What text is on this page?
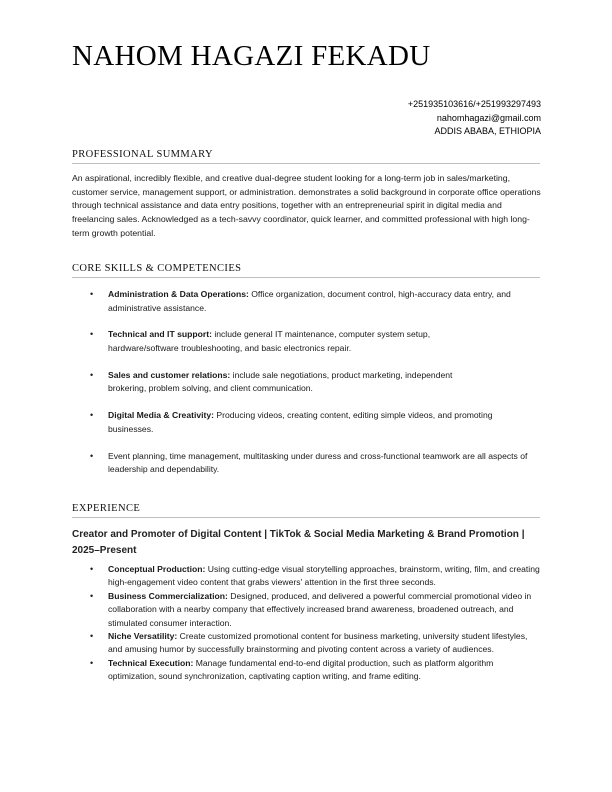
NAHOM HAGAZI FEKADU
+251935103616/+251993297493
nahomhagazi@gmail.com
ADDIS ABABA, ETHIOPIA
PROFESSIONAL SUMMARY
An aspirational, incredibly flexible, and creative dual-degree student looking for a long-term job in sales/marketing, customer service, management support, or administration. demonstrates a solid background in corporate office operations through technical assistance and data entry positions, together with an entrepreneurial spirit in digital media and freelancing sales. Acknowledged as a tech-savvy coordinator, quick learner, and committed professional with high long-term growth potential.
CORE SKILLS & COMPETENCIES
• Administration & Data Operations: Office organization, document control, high-accuracy data entry, and administrative assistance.
• Technical and IT support: include general IT maintenance, computer system setup, hardware/software troubleshooting, and basic electronics repair.
• Sales and customer relations: include sale negotiations, product marketing, independent brokering, problem solving, and client communication.
• Digital Media & Creativity: Producing videos, creating content, editing simple videos, and promoting businesses.
• Event planning, time management, multitasking under duress and cross-functional teamwork are all aspects of leadership and dependability.
EXPERIENCE
Creator and Promoter of Digital Content | TikTok & Social Media Marketing & Brand Promotion | 2025–Present
• Conceptual Production: Using cutting-edge visual storytelling approaches, brainstorm, writing, film, and creating high-engagement video content that grabs viewers' attention in the first three seconds.
• Business Commercialization: Designed, produced, and delivered a powerful commercial promotional video in collaboration with a nearby company that effectively increased brand awareness, broadened outreach, and stimulated consumer interaction.
• Niche Versatility: Create customized promotional content for business marketing, university student lifestyles, and amusing humor by successfully brainstorming and pivoting content across a variety of audiences.
• Technical Execution: Manage fundamental end-to-end digital production, such as platform algorithm optimization, sound synchronization, captivating caption writing, and frame editing.
